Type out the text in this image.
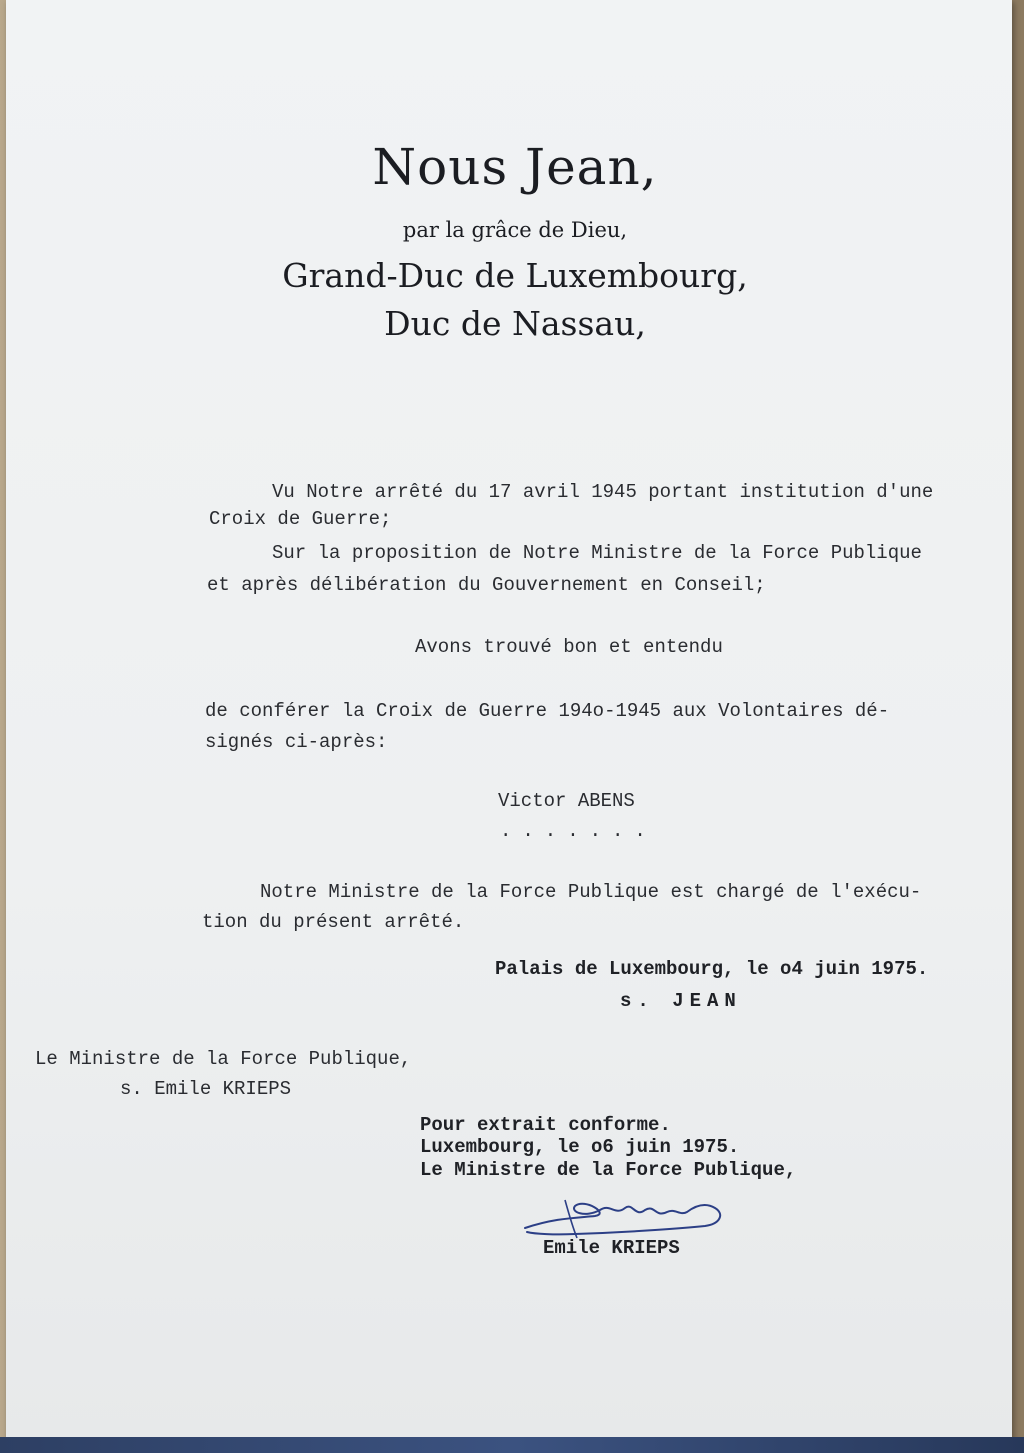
Nous Jean,
par la grâce de Dieu,
Grand-Duc de Luxembourg,
Duc de Nassau,
Vu Notre arrêté du 17 avril 1945 portant institution d'une
Croix de Guerre;
Sur la proposition de Notre Ministre de la Force Publique
et après délibération du Gouvernement en Conseil;
Avons trouvé bon et entendu
de conférer la Croix de Guerre 194o-1945 aux Volontaires dé-
signés ci-après:
Victor ABENS
.......
Notre Ministre de la Force Publique est chargé de l'exécu-
tion du présent arrêté.
Palais de Luxembourg, le o4 juin 1975.
s. JEAN
Le Ministre de la Force Publique,
s. Emile KRIEPS
Pour extrait conforme.
Luxembourg, le o6 juin 1975.
Le Ministre de la Force Publique,
Emile KRIEPS
